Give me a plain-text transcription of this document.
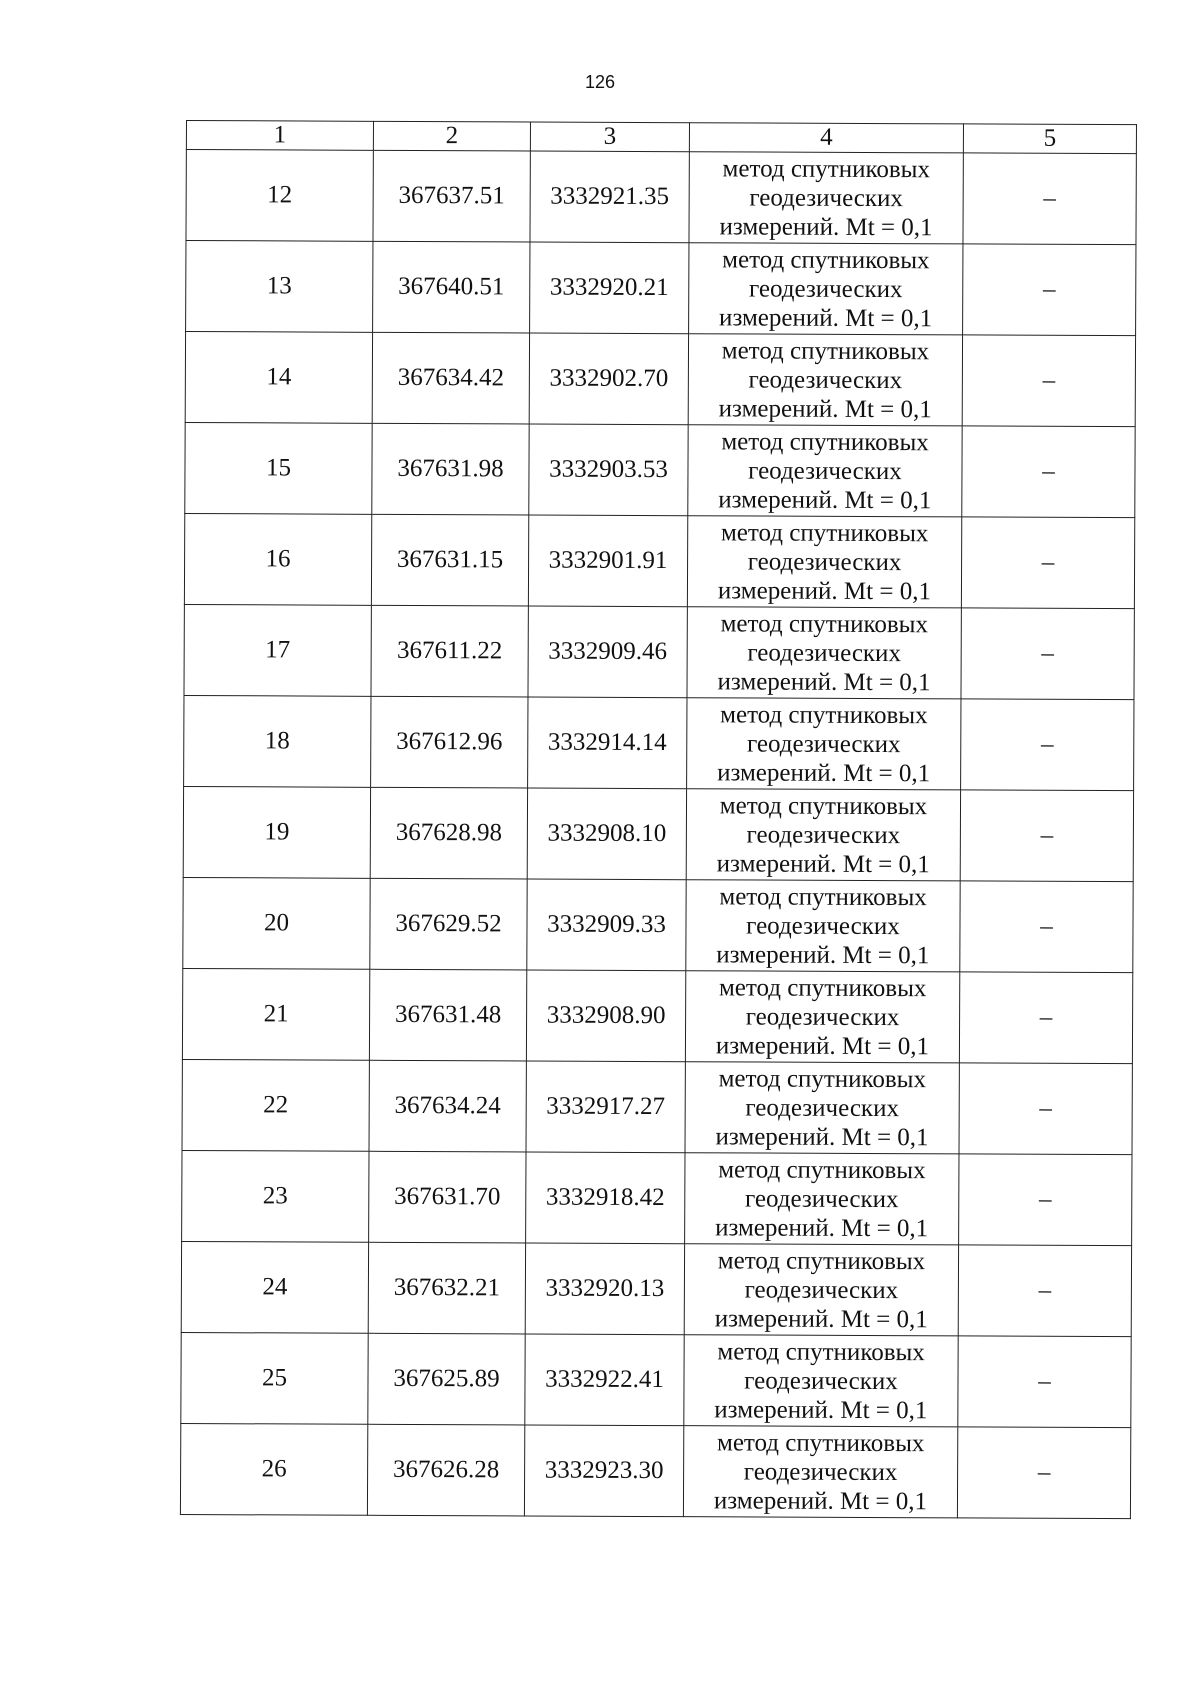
126
1	2	3	4	5
12	367637.51	3332921.35	метод спутниковых
геодезических
измерений. Mt = 0,1	–
13	367640.51	3332920.21	метод спутниковых
геодезических
измерений. Mt = 0,1	–
14	367634.42	3332902.70	метод спутниковых
геодезических
измерений. Mt = 0,1	–
15	367631.98	3332903.53	метод спутниковых
геодезических
измерений. Mt = 0,1	–
16	367631.15	3332901.91	метод спутниковых
геодезических
измерений. Mt = 0,1	–
17	367611.22	3332909.46	метод спутниковых
геодезических
измерений. Mt = 0,1	–
18	367612.96	3332914.14	метод спутниковых
геодезических
измерений. Mt = 0,1	–
19	367628.98	3332908.10	метод спутниковых
геодезических
измерений. Mt = 0,1	–
20	367629.52	3332909.33	метод спутниковых
геодезических
измерений. Mt = 0,1	–
21	367631.48	3332908.90	метод спутниковых
геодезических
измерений. Mt = 0,1	–
22	367634.24	3332917.27	метод спутниковых
геодезических
измерений. Mt = 0,1	–
23	367631.70	3332918.42	метод спутниковых
геодезических
измерений. Mt = 0,1	–
24	367632.21	3332920.13	метод спутниковых
геодезических
измерений. Mt = 0,1	–
25	367625.89	3332922.41	метод спутниковых
геодезических
измерений. Mt = 0,1	–
26	367626.28	3332923.30	метод спутниковых
геодезических
измерений. Mt = 0,1	–
